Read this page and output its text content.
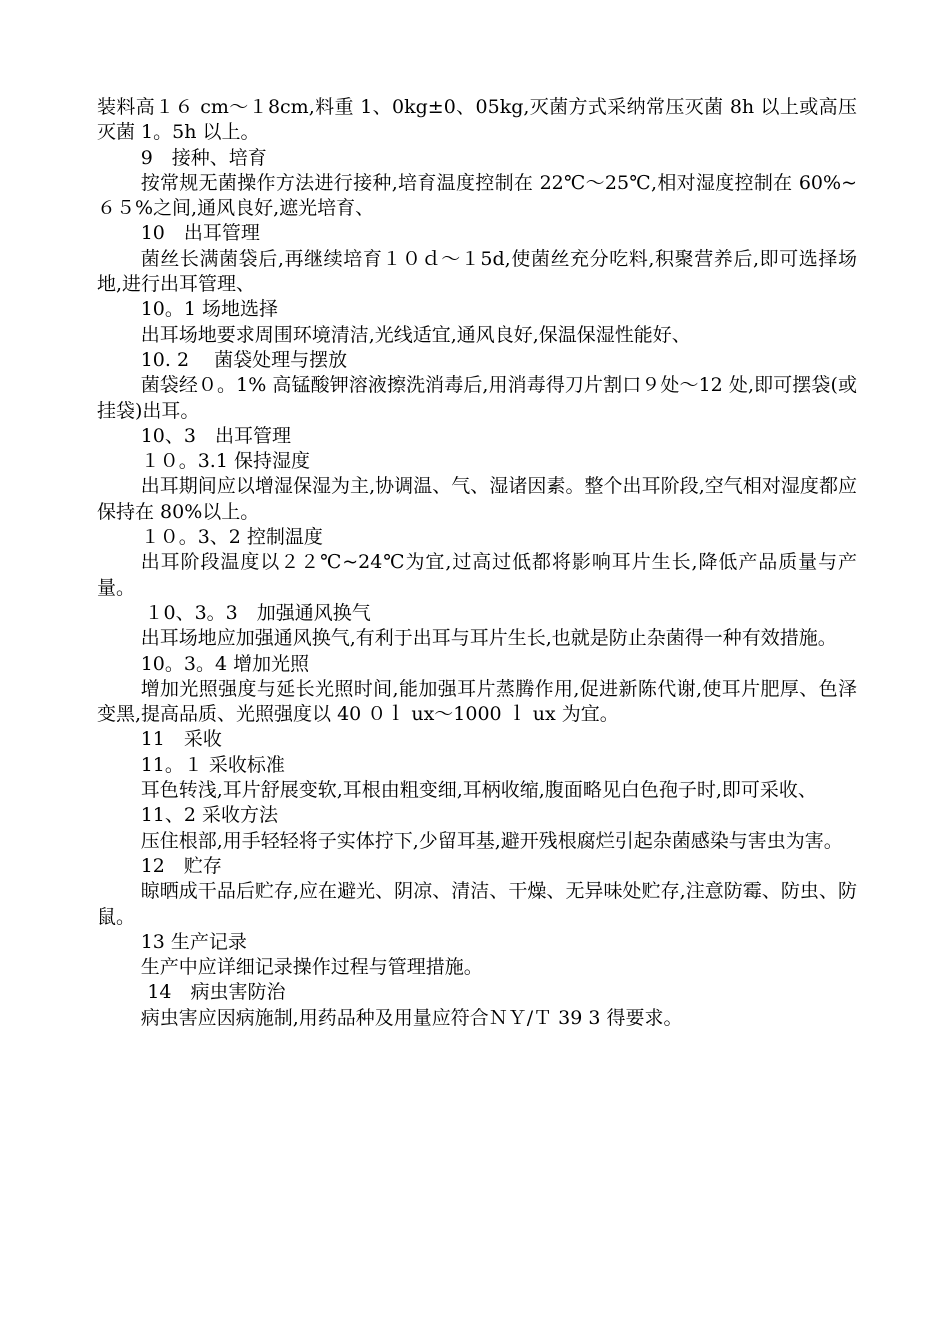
装料高１６ cm～１8cm,料重 1、0kg±0、05kg,灭菌方式采纳常压灭菌 8h 以上或高压灭菌 1。5h 以上。

9　接种、培育

按常规无菌操作方法进行接种,培育温度控制在 22℃～25℃,相对湿度控制在 60%~６５%之间,通风良好,遮光培育、

10　出耳管理

菌丝长满菌袋后,再继续培育１０ｄ～１5d,使菌丝充分吃料,积聚营养后,即可选择场地,进行出耳管理、

10。1 场地选择

出耳场地要求周围环境清洁,光线适宜,通风良好,保温保湿性能好、

10. 2　 菌袋处理与摆放

菌袋经０。1% 高锰酸钾溶液擦洗消毒后,用消毒得刀片割口９处～12 处,即可摆袋(或挂袋)出耳。

10、3　出耳管理
１０。3.1 保持湿度

出耳期间应以增湿保湿为主,协调温、气、湿诸因素。整个出耳阶段,空气相对湿度都应保持在 80%以上。

１０。3、2 控制温度

出耳阶段温度以２２℃~24℃为宜,过高过低都将影响耳片生长,降低产品质量与产量。

１0、3。3　加强通风换气

出耳场地应加强通风换气,有利于出耳与耳片生长,也就是防止杂菌得一种有效措施。

10。3。4 增加光照

增加光照强度与延长光照时间,能加强耳片蒸腾作用,促进新陈代谢,使耳片肥厚、色泽变黑,提高品质、光照强度以 40 ０ｌ ux～1000 ｌ ux 为宜。

11　采收
11。１ 采收标准

耳色转浅,耳片舒展变软,耳根由粗变细,耳柄收缩,腹面略见白色孢子时,即可采收、

11、2 采收方法

压住根部,用手轻轻将子实体拧下,少留耳基,避开残根腐烂引起杂菌感染与害虫为害。

12　贮存

晾晒成干品后贮存,应在避光、阴凉、清洁、干燥、无异味处贮存,注意防霉、防虫、防鼠。

13 生产记录

生产中应详细记录操作过程与管理措施。

14　病虫害防治

病虫害应因病施制,用药品种及用量应符合ＮＹ/Ｔ 39 3 得要求。
